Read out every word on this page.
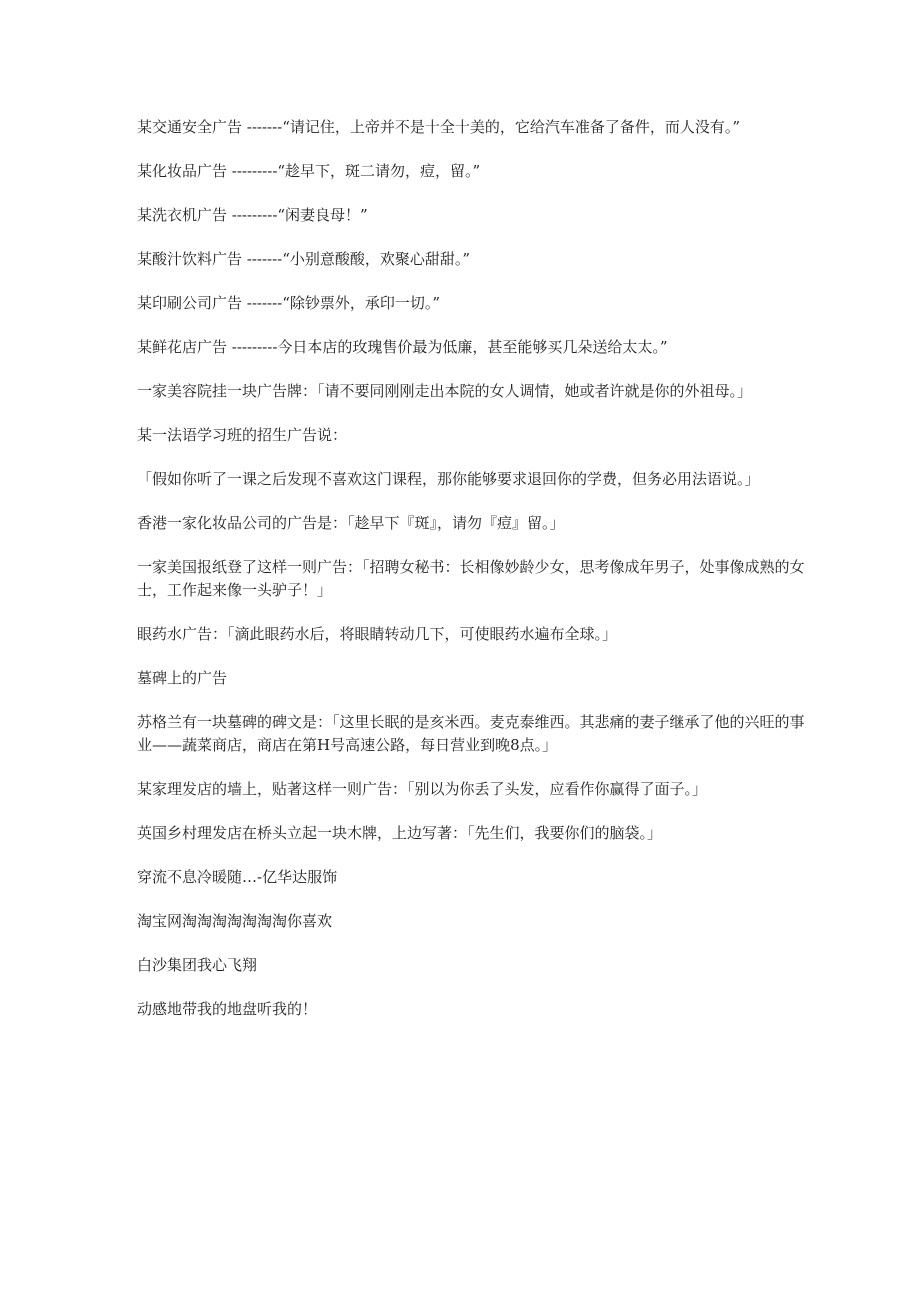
某交通安全广告 -------“请记住，上帝并不是十全十美的，它给汽车准备了备件，而人没有。”

某化妆品广告 ---------“趁早下，斑二请勿，痘，留。”

某洗衣机广告 ---------“闲妻良母！”

某酸汁饮料广告 -------“小别意酸酸，欢聚心甜甜。”

某印刷公司广告 -------“除钞票外，承印一切。”

某鲜花店广告 ---------今日本店的玫瑰售价最为低廉，甚至能够买几朵送给太太。”

一家美容院挂一块广告牌：「请不要同刚刚走出本院的女人调情，她或者许就是你的外祖母。」

某一法语学习班的招生广告说：

「假如你听了一课之后发现不喜欢这门课程，那你能够要求退回你的学费，但务必用法语说。」

香港一家化妆品公司的广告是：「趁早下『斑』，请勿『痘』留。」

一家美国报纸登了这样一则广告：「招聘女秘书：长相像妙龄少女，思考像成年男子，处事像成熟的女士，工作起来像一头驴子！」

眼药水广告：「滴此眼药水后，将眼睛转动几下，可使眼药水遍布全球。」

墓碑上的广告

苏格兰有一块墓碑的碑文是：「这里长眠的是亥米西。麦克泰维西。其悲痛的妻子继承了他的兴旺的事业——蔬菜商店，商店在第H号高速公路，每日营业到晚8点。」

某家理发店的墙上，贴著这样一则广告：「别以为你丢了头发，应看作你赢得了面子。」

英国乡村理发店在桥头立起一块木牌，上边写著：「先生们，我要你们的脑袋。」

穿流不息冷暖随…-亿华达服饰

淘宝网淘淘淘淘淘淘淘你喜欢

白沙集团我心飞翔

动感地带我的地盘听我的！
